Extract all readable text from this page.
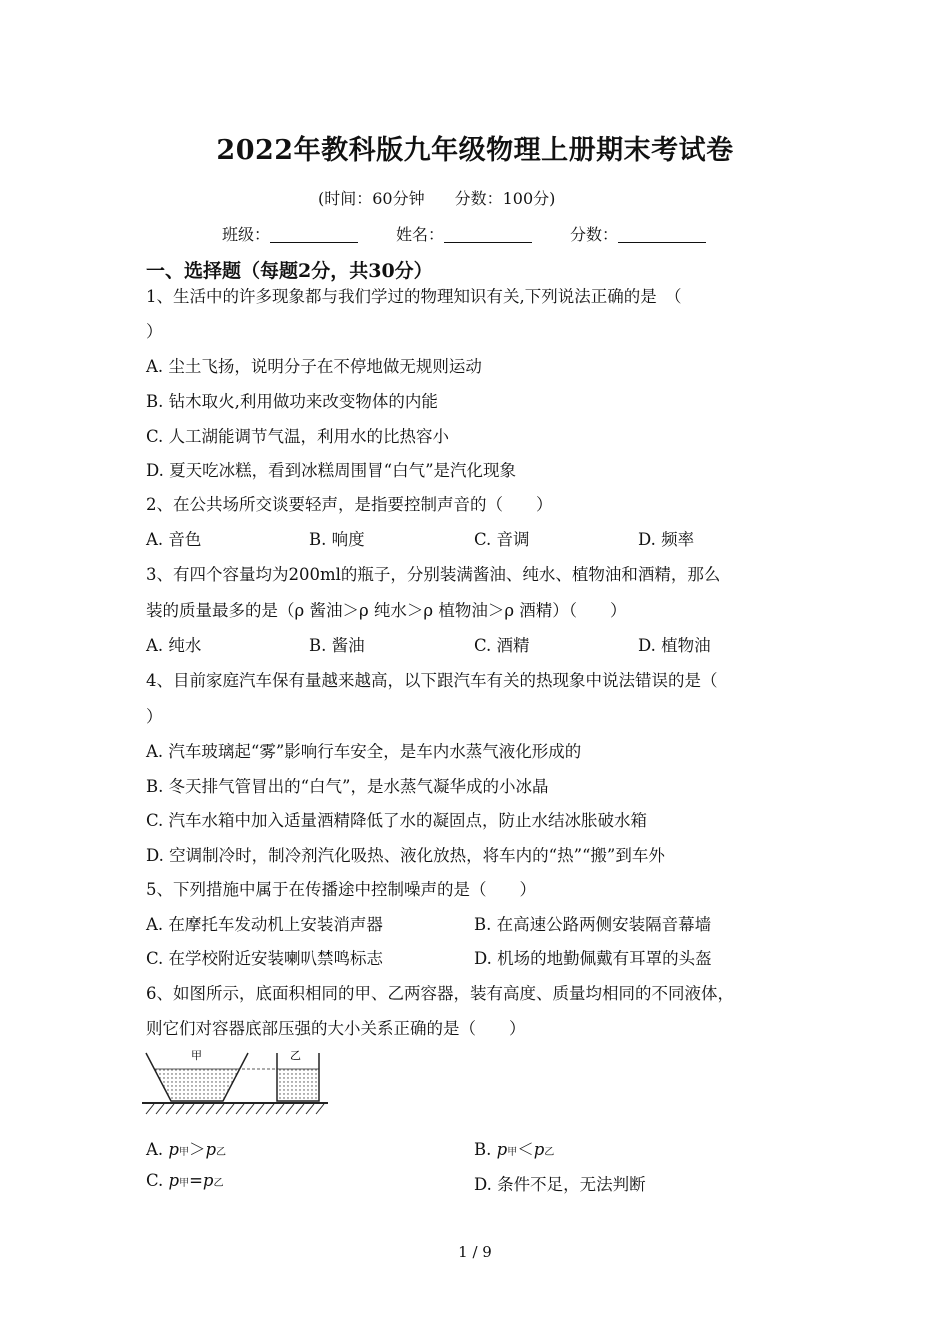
2022年教科版九年级物理上册期末考试卷
(时间：60分钟 分数：100分)
班级：	姓名：	分数：
一、选择题（每题2分，共30分）
1、生活中的许多现象都与我们学过的物理知识有关,下列说法正确的是　（
）
A. 尘土飞扬，说明分子在不停地做无规则运动
B. 钻木取火,利用做功来改变物体的内能
C. 人工湖能调节气温，利用水的比热容小
D. 夏天吃冰糕，看到冰糕周围冒“白气”是汽化现象
2、在公共场所交谈要轻声，是指要控制声音的（　　）
A. 音色	B. 响度	C. 音调	D. 频率
3、有四个容量均为200ml的瓶子，分别装满酱油、纯水、植物油和酒精，那么
装的质量最多的是（ρ 酱油＞ρ 纯水＞ρ 植物油＞ρ 酒精）（　　）
A. 纯水	B. 酱油	C. 酒精	D. 植物油
4、目前家庭汽车保有量越来越高，以下跟汽车有关的热现象中说法错误的是（
）
A. 汽车玻璃起“雾”影响行车安全，是车内水蒸气液化形成的
B. 冬天排气管冒出的“白气”，是水蒸气凝华成的小冰晶
C. 汽车水箱中加入适量酒精降低了水的凝固点，防止水结冰胀破水箱
D. 空调制冷时，制冷剂汽化吸热、液化放热，将车内的“热”“搬”到车外
5、下列措施中属于在传播途中控制噪声的是（　　）
A. 在摩托车发动机上安装消声器	B. 在高速公路两侧安装隔音幕墙
C. 在学校附近安装喇叭禁鸣标志	D. 机场的地勤佩戴有耳罩的头盔
6、如图所示，底面积相同的甲、乙两容器，装有高度、质量均相同的不同液体，
则它们对容器底部压强的大小关系正确的是（　　）
甲	乙
A. p甲＞p乙	B. p甲＜p乙
C. p甲=p乙	D. 条件不足，无法判断
1 / 9
